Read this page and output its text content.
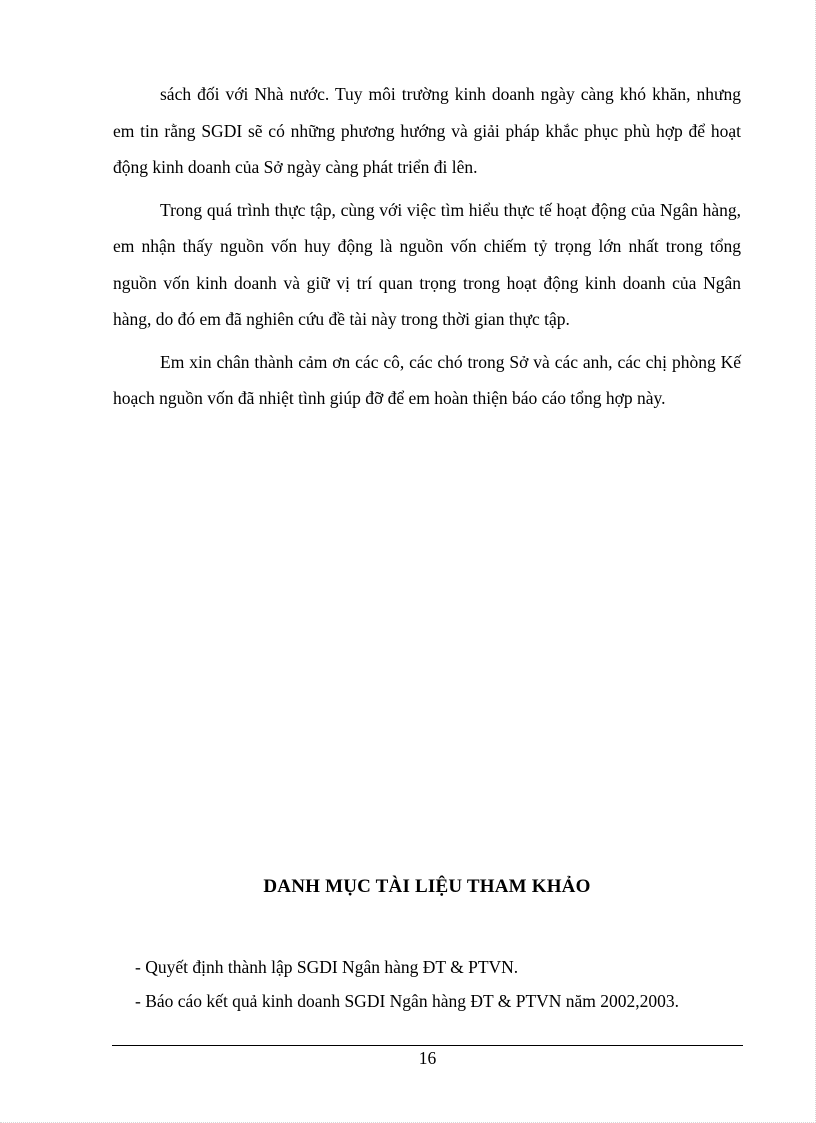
sách đối với Nhà nước. Tuy môi trường kinh doanh ngày càng khó khăn, nhưng em tin rằng SGDI sẽ có những phương hướng và giải pháp khắc phục phù hợp để hoạt động kinh doanh của Sở ngày càng phát triển đi lên.

Trong quá trình thực tập, cùng với việc tìm hiểu thực tế hoạt động của Ngân hàng, em nhận thấy nguồn vốn huy động là nguồn vốn chiếm tỷ trọng lớn nhất trong tổng nguồn vốn kinh doanh và giữ vị trí quan trọng trong hoạt động kinh doanh của Ngân hàng, do đó em đã nghiên cứu đề tài này trong thời gian thực tập.

Em xin chân thành cảm ơn các cô, các chó trong Sở và các anh, các chị phòng Kế hoạch nguồn vốn đã nhiệt tình giúp đỡ để em hoàn thiện báo cáo tổng hợp này.

DANH MỤC TÀI LIỆU THAM KHẢO
- Quyết định thành lập SGDI Ngân hàng ĐT & PTVN.
- Báo cáo kết quả kinh doanh SGDI Ngân hàng ĐT & PTVN năm 2002,2003.
16
